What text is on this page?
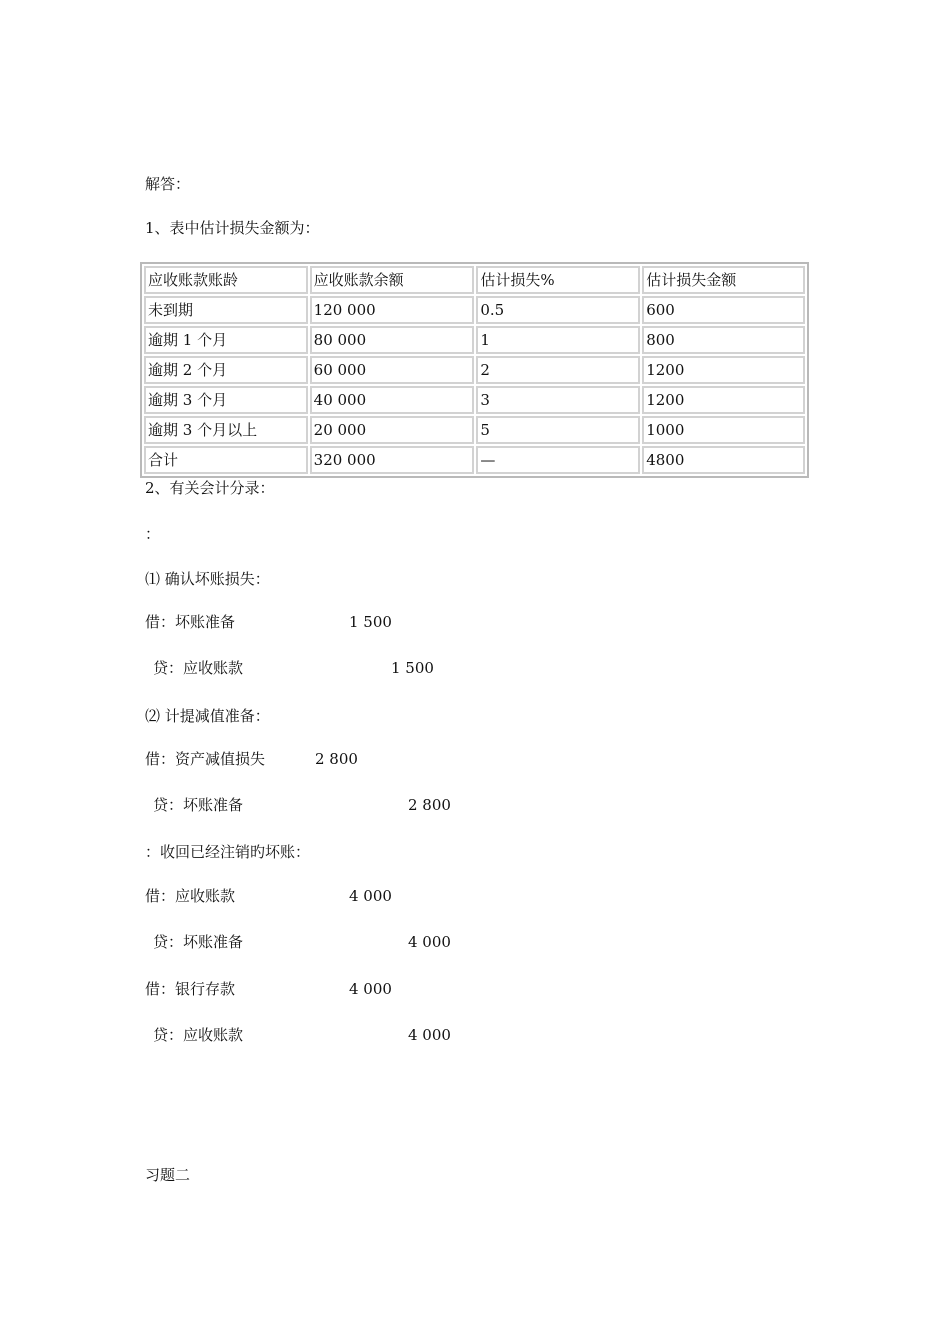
解答：
1、表中估计损失金额为：
应收账款账龄	应收账款余额	估计损失%	估计损失金额
未到期	120 000	0.5	600
逾期 1 个月	80 000	1	800
逾期 2 个月	60 000	2	1200
逾期 3 个月	40 000	3	1200
逾期 3 个月以上	20 000	5	1000
合计	320 000	—	4800
2、有关会计分录：
：
⑴ 确认坏账损失：
借：坏账准备	1 500
贷：应收账款	1 500
⑵ 计提减值准备：
借：资产减值损失	2 800
贷：坏账准备	2 800
：收回已经注销旳坏账：
借：应收账款	4 000
贷：坏账准备	4 000
借：银行存款	4 000
贷：应收账款	4 000
习题二
